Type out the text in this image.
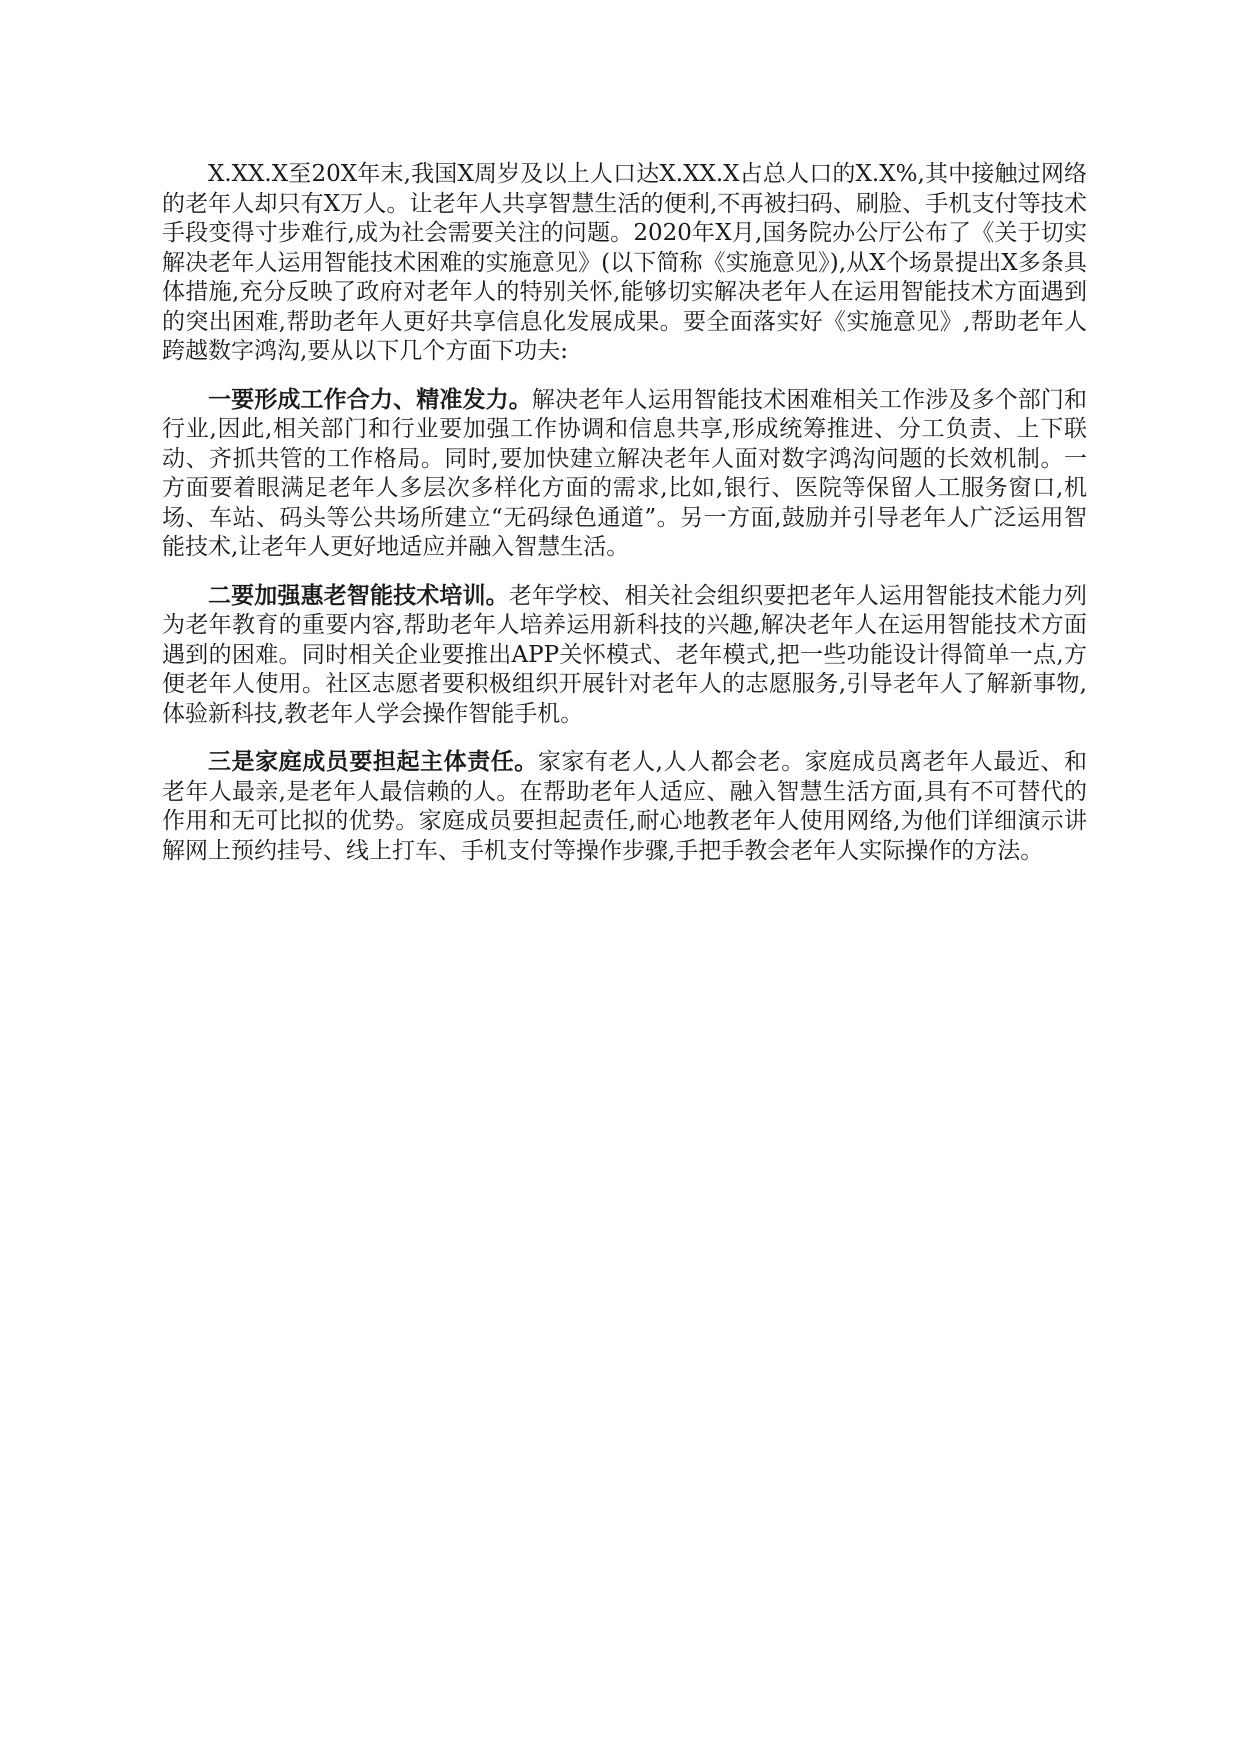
X.XX.X至20X年末,我国X周岁及以上人口达X.XX.X占总人口的X.X%,其中接触过网络的老年人却只有X万人。让老年人共享智慧生活的便利,不再被扫码、刷脸、手机支付等技术手段变得寸步难行,成为社会需要关注的问题。2020年X月,国务院办公厅公布了《关于切实解决老年人运用智能技术困难的实施意见》(以下简称《实施意见》),从X个场景提出X多条具体措施,充分反映了政府对老年人的特别关怀,能够切实解决老年人在运用智能技术方面遇到的突出困难,帮助老年人更好共享信息化发展成果。要全面落实好《实施意见》,帮助老年人跨越数字鸿沟,要从以下几个方面下功夫:

一要形成工作合力、精准发力。解决老年人运用智能技术困难相关工作涉及多个部门和行业,因此,相关部门和行业要加强工作协调和信息共享,形成统筹推进、分工负责、上下联动、齐抓共管的工作格局。同时,要加快建立解决老年人面对数字鸿沟问题的长效机制。一方面要着眼满足老年人多层次多样化方面的需求,比如,银行、医院等保留人工服务窗口,机场、车站、码头等公共场所建立“无码绿色通道”。另一方面,鼓励并引导老年人广泛运用智能技术,让老年人更好地适应并融入智慧生活。

二要加强惠老智能技术培训。老年学校、相关社会组织要把老年人运用智能技术能力列为老年教育的重要内容,帮助老年人培养运用新科技的兴趣,解决老年人在运用智能技术方面遇到的困难。同时相关企业要推出APP关怀模式、老年模式,把一些功能设计得简单一点,方便老年人使用。社区志愿者要积极组织开展针对老年人的志愿服务,引导老年人了解新事物,体验新科技,教老年人学会操作智能手机。

三是家庭成员要担起主体责任。家家有老人,人人都会老。家庭成员离老年人最近、和老年人最亲,是老年人最信赖的人。在帮助老年人适应、融入智慧生活方面,具有不可替代的作用和无可比拟的优势。家庭成员要担起责任,耐心地教老年人使用网络,为他们详细演示讲解网上预约挂号、线上打车、手机支付等操作步骤,手把手教会老年人实际操作的方法。
